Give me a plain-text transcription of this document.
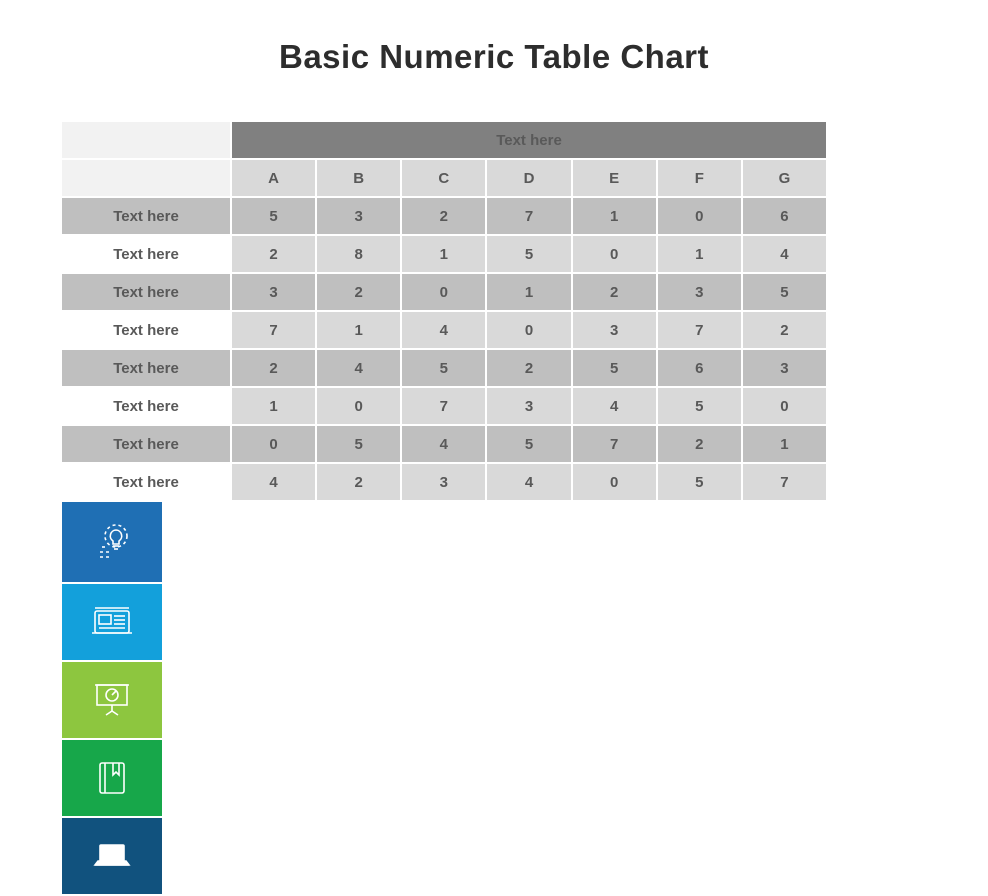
Basic Numeric Table Chart
	Text here						
	A	B	C	D	E	F	G
Text here	5	3	2	7	1	0	6
Text here	2	8	1	5	0	1	4
Text here	3	2	0	1	2	3	5
Text here	7	1	4	0	3	7	2
Text here	2	4	5	2	5	6	3
Text here	1	0	7	3	4	5	0
Text here	0	5	4	5	7	2	1
Text here	4	2	3	4	0	5	7
